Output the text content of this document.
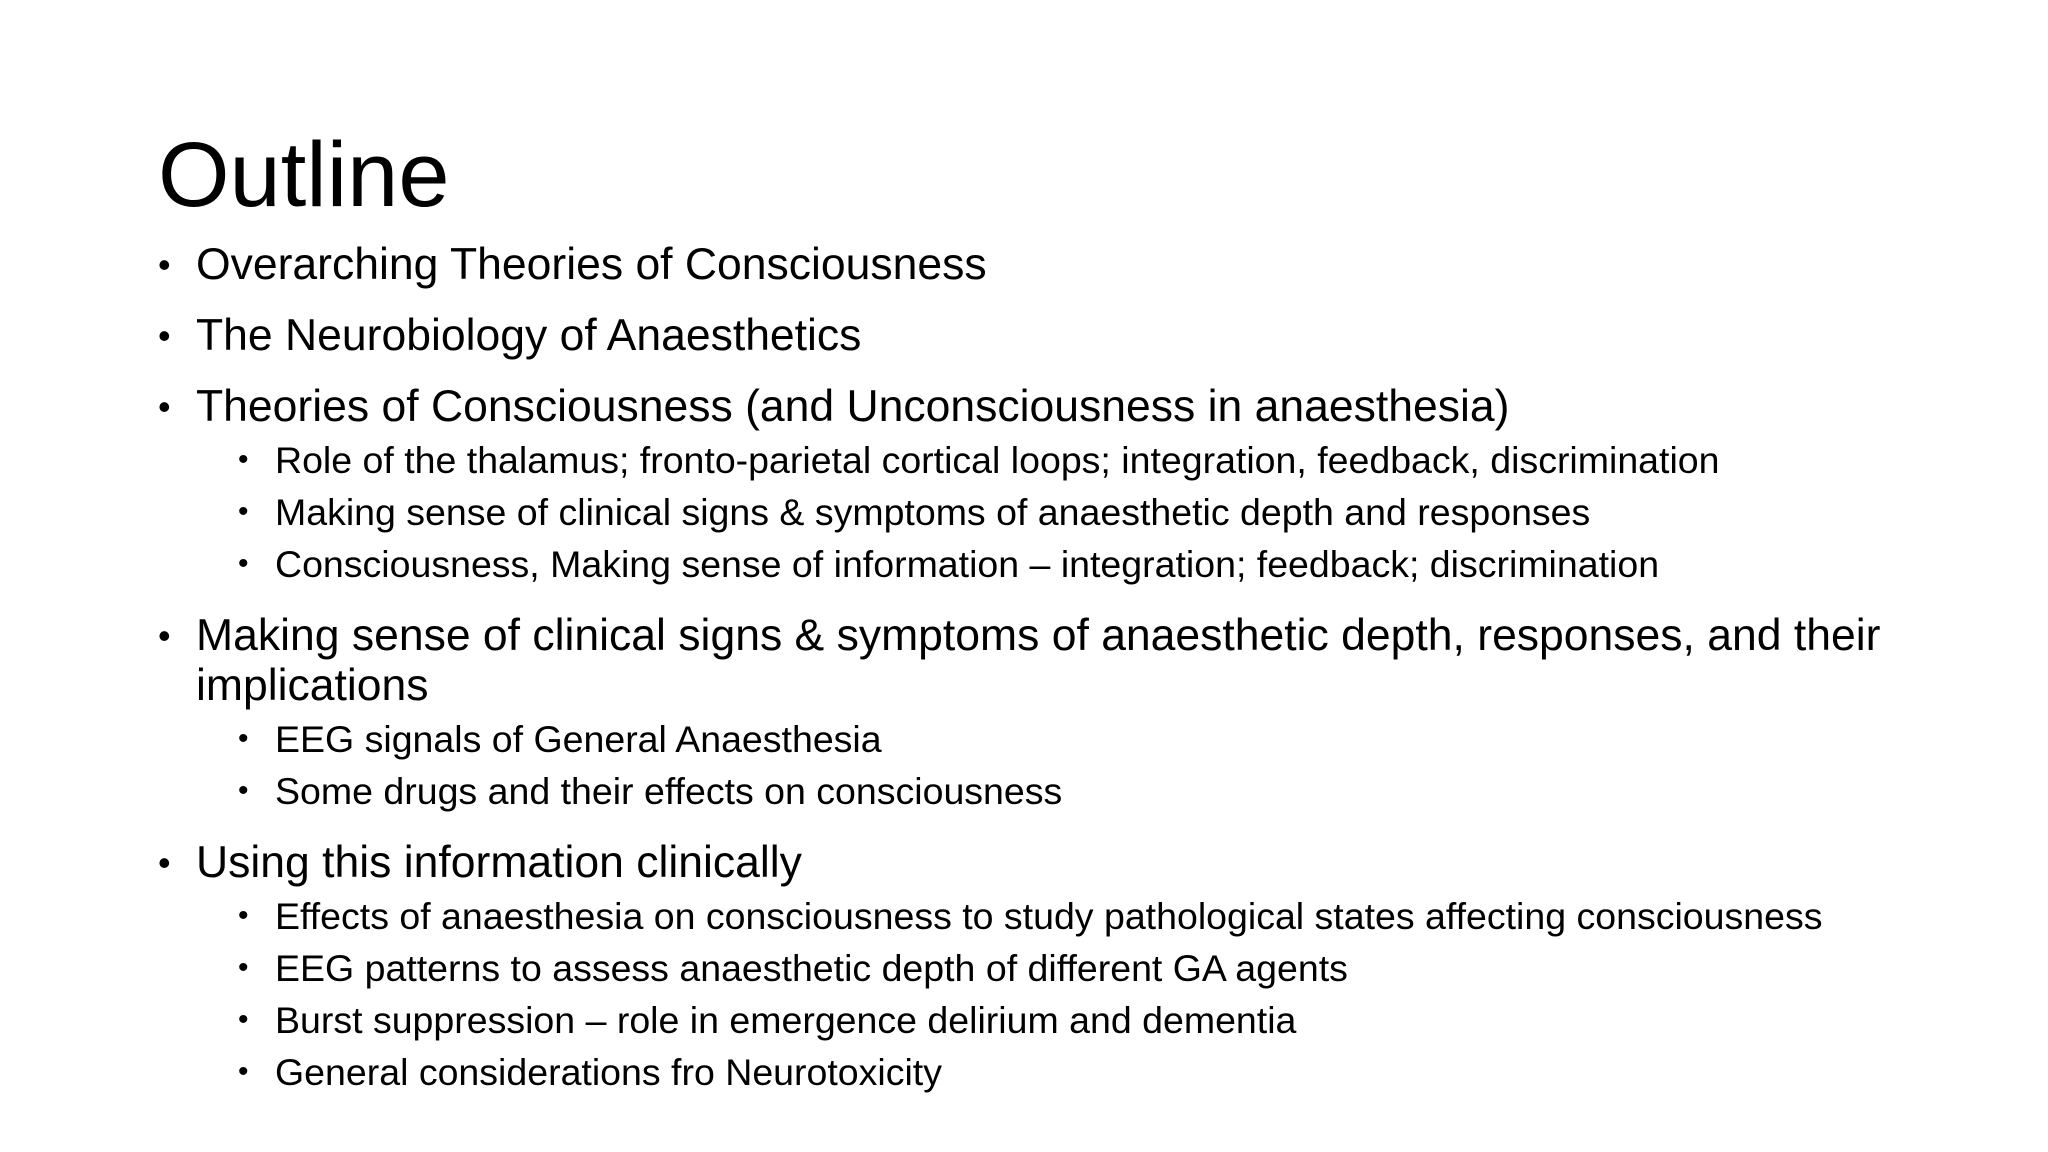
Outline
• Overarching Theories of Consciousness
• The Neurobiology of Anaesthetics
• Theories of Consciousness (and Unconsciousness in anaesthesia)
• Role of the thalamus; fronto-parietal cortical loops; integration, feedback, discrimination
• Making sense of clinical signs & symptoms of anaesthetic depth and responses
• Consciousness, Making sense of information – integration; feedback; discrimination
• Making sense of clinical signs & symptoms of anaesthetic depth, responses, and their implications
• EEG signals of General Anaesthesia
• Some drugs and their effects on consciousness
• Using this information clinically
• Effects of anaesthesia on consciousness to study pathological states affecting consciousness
• EEG patterns to assess anaesthetic depth of different GA agents
• Burst suppression – role in emergence delirium and dementia
• General considerations fro Neurotoxicity
